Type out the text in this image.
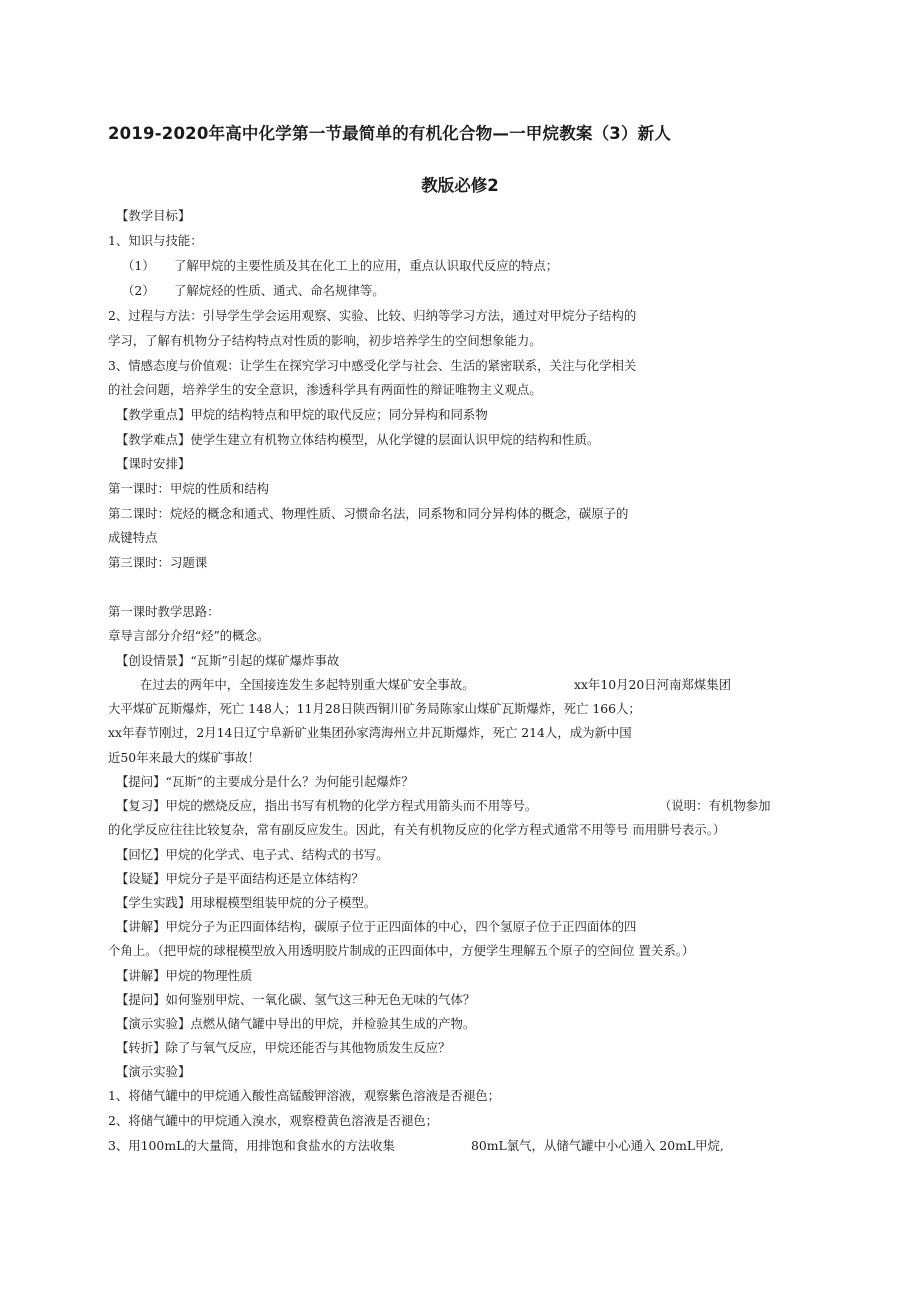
2019-2020年高中化学第一节最简单的有机化合物—一甲烷教案（3）新人
教版必修2
【教学目标】
1、知识与技能：
（1） 了解甲烷的主要性质及其在化工上的应用，重点认识取代反应的特点；
（2） 了解烷烃的性质、通式、命名规律等。
2、过程与方法：引导学生学会运用观察、实验、比较、归纳等学习方法，通过对甲烷分子结构的
学习，了解有机物分子结构特点对性质的影响，初步培养学生的空间想象能力。
3、情感态度与价值观：让学生在探究学习中感受化学与社会、生活的紧密联系，关注与化学相关
的社会问题，培养学生的安全意识，渗透科学具有两面性的辩证唯物主义观点。
【教学重点】甲烷的结构特点和甲烷的取代反应；同分异构和同系物
【教学难点】使学生建立有机物立体结构模型，从化学键的层面认识甲烷的结构和性质。
【课时安排】
第一课时：甲烷的性质和结构
第二课时：烷烃的概念和通式、物理性质、习惯命名法，同系物和同分异构体的概念，碳原子的
成键特点
第三课时：习题课
第一课时教学思路：
章导言部分介绍“烃”的概念。
【创设情景】“瓦斯”引起的煤矿爆炸事故
在过去的两年中，全国接连发生多起特别重大煤矿安全事故。	xx年10月20日河南郑煤集团
大平煤矿瓦斯爆炸，死亡 148人；11月28日陕西铜川矿务局陈家山煤矿瓦斯爆炸，死亡 166人；
xx年春节刚过，2月14日辽宁阜新矿业集团孙家湾海州立井瓦斯爆炸，死亡 214人，成为新中国
近50年来最大的煤矿事故！
【提问】“瓦斯”的主要成分是什么？为何能引起爆炸？
【复习】甲烷的燃烧反应，指出书写有机物的化学方程式用箭头而不用等号。	（说明：有机物参加
的化学反应往往比较复杂，常有副反应发生。因此，有关有机物反应的化学方程式通常不用等号 而用肼号表示。）
【回忆】甲烷的化学式、电子式、结构式的书写。
【设疑】甲烷分子是平面结构还是立体结构？
【学生实践】用球棍模型组装甲烷的分子模型。
【讲解】甲烷分子为正四面体结构，碳原子位于正四面体的中心，四个氢原子位于正四面体的四
个角上。（把甲烷的球棍模型放入用透明胶片制成的正四面体中，方便学生理解五个原子的空间位 置关系。）
【讲解】甲烷的物理性质
【提问】如何鉴别甲烷、一氧化碳、氢气这三种无色无味的气体？
【演示实验】点燃从储气罐中导出的甲烷，并检验其生成的产物。
【转折】除了与氧气反应，甲烷还能否与其他物质发生反应？
【演示实验】
1、将储气罐中的甲烷通入酸性高锰酸钾溶液，观察紫色溶液是否褪色；
2、将储气罐中的甲烷通入溴水，观察橙黄色溶液是否褪色；
3、用100mL的大量筒，用排饱和食盐水的方法收集	80mL氯气，从储气罐中小心通入 20mL甲烷,
